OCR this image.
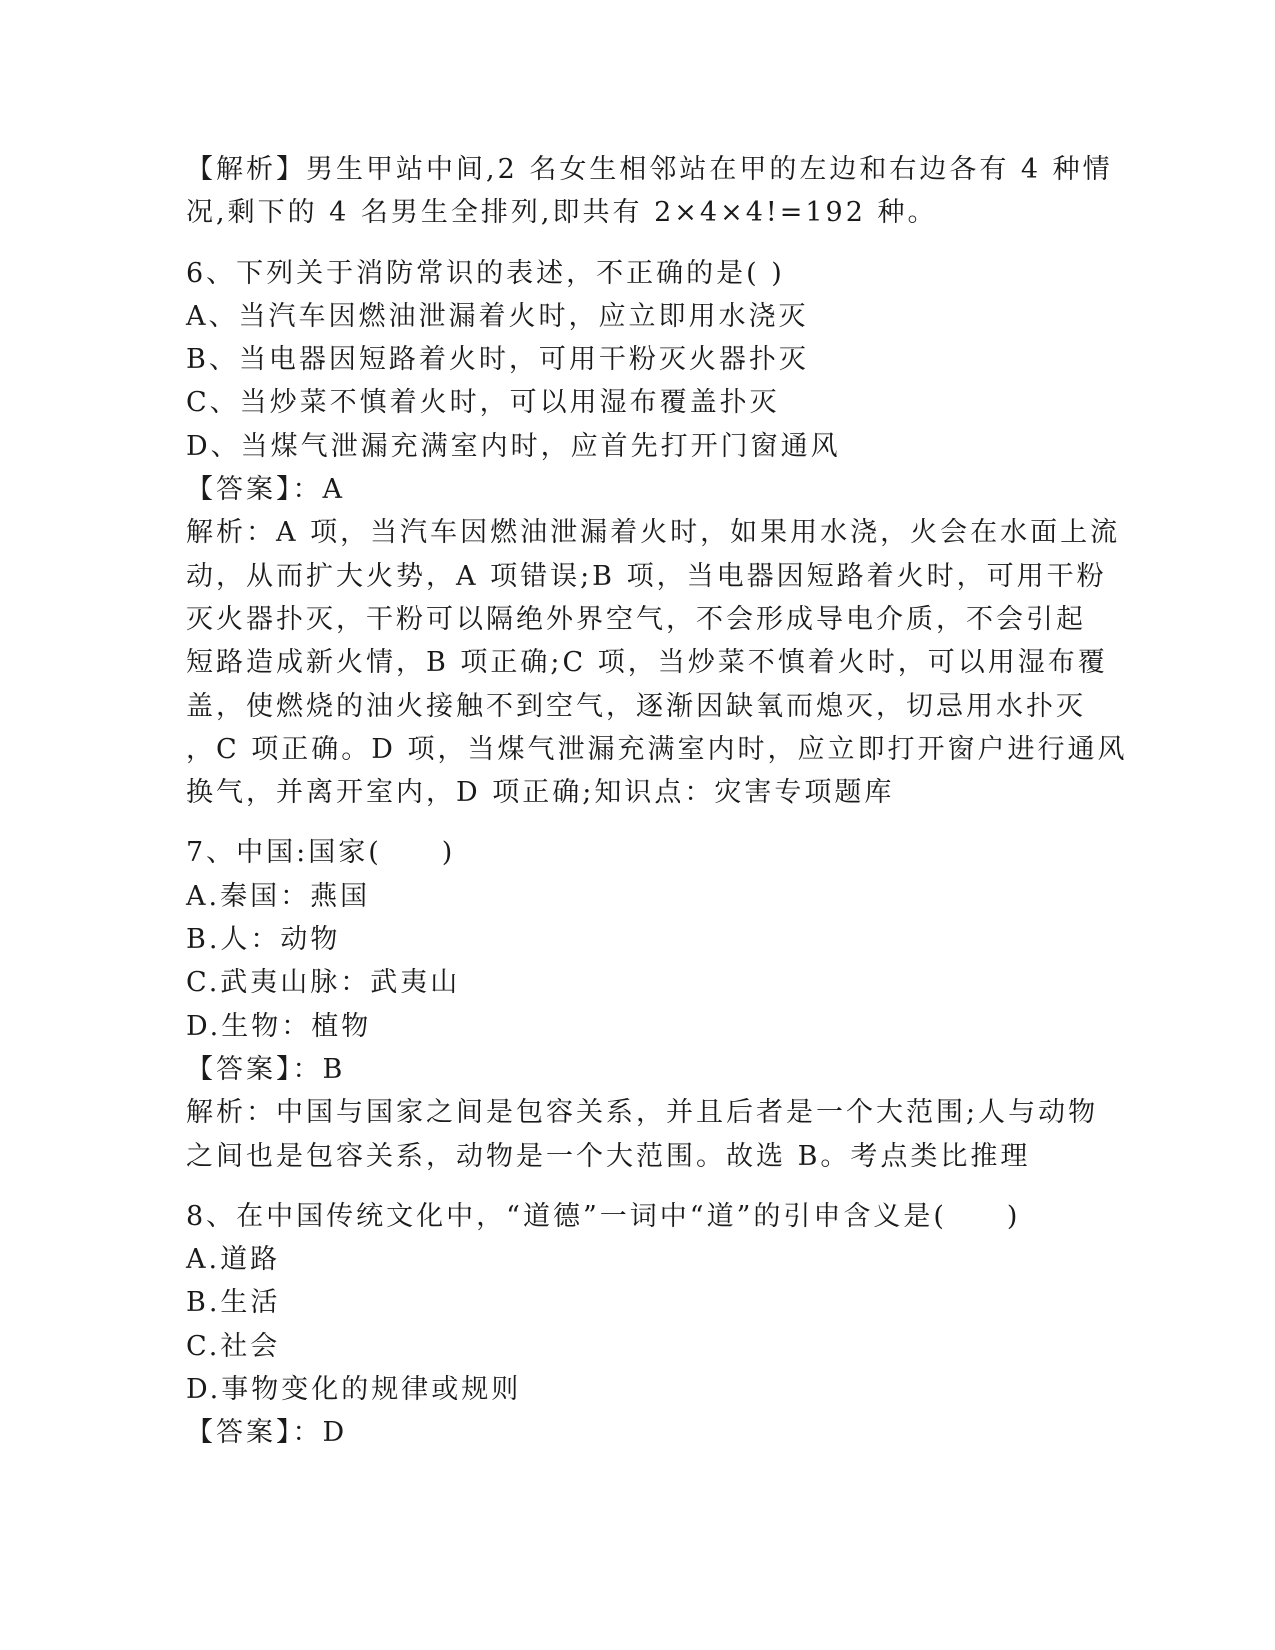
【解析】男生甲站中间,2 名女生相邻站在甲的左边和右边各有 4 种情
况,剩下的 4 名男生全排列,即共有 2×4×4!=192 种。
6、下列关于消防常识的表述，不正确的是( )
A、当汽车因燃油泄漏着火时，应立即用水浇灭
B、当电器因短路着火时，可用干粉灭火器扑灭
C、当炒菜不慎着火时，可以用湿布覆盖扑灭
D、当煤气泄漏充满室内时，应首先打开门窗通风
【答案】：A
解析：A 项，当汽车因燃油泄漏着火时，如果用水浇，火会在水面上流
动，从而扩大火势，A 项错误;B 项，当电器因短路着火时，可用干粉
灭火器扑灭，干粉可以隔绝外界空气，不会形成导电介质，不会引起
短路造成新火情，B 项正确;C 项，当炒菜不慎着火时，可以用湿布覆
盖，使燃烧的油火接触不到空气，逐渐因缺氧而熄灭，切忌用水扑灭
，C 项正确。D 项，当煤气泄漏充满室内时，应立即打开窗户进行通风
换气，并离开室内，D 项正确;知识点：灾害专项题库
7、中国:国家(　　)
A.秦国：燕国
B.人：动物
C.武夷山脉：武夷山
D.生物：植物
【答案】：B
解析：中国与国家之间是包容关系，并且后者是一个大范围;人与动物
之间也是包容关系，动物是一个大范围。故选 B。考点类比推理
8、在中国传统文化中，“道德”一词中“道”的引申含义是(　　)
A.道路
B.生活
C.社会
D.事物变化的规律或规则
【答案】：D
